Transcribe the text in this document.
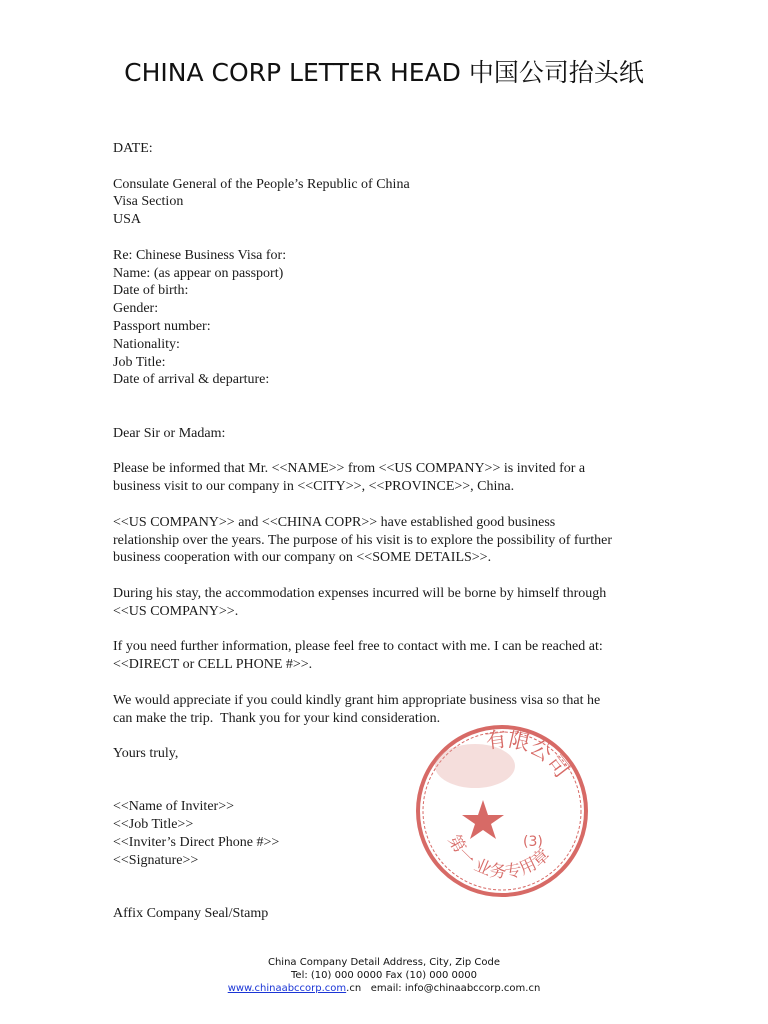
CHINA CORP LETTER HEAD 中国公司抬头纸
DATE:
Consulate General of the People’s Republic of China
Visa Section
USA
Re: Chinese Business Visa for:
Name: (as appear on passport)
Date of birth:
Gender:
Passport number:
Nationality:
Job Title:
Date of arrival & departure:
Dear Sir or Madam:
Please be informed that Mr. <<NAME>> from <<US COMPANY>> is invited for a
business visit to our company in <<CITY>>, <<PROVINCE>>, China.
<<US COMPANY>> and <<CHINA COPR>> have established good business
relationship over the years. The purpose of his visit is to explore the possibility of further
business cooperation with our company on <<SOME DETAILS>>.
During his stay, the accommodation expenses incurred will be borne by himself through
<<US COMPANY>>.
If you need further information, please feel free to contact with me. I can be reached at:
<<DIRECT or CELL PHONE #>>.
We would appreciate if you could kindly grant him appropriate business visa so that he
can make the trip.  Thank you for your kind consideration.
Yours truly,
<<Name of Inviter>>
<<Job Title>>
<<Inviter’s Direct Phone #>>
<<Signature>>
Affix Company Seal/Stamp
有限公司
第一 业务专用章
(3)
China Company Detail Address, City, Zip Code
Tel: (10) 000 0000 Fax (10) 000 0000
www.chinaabccorp.com.cn   email: info@chinaabccorp.com.cn
